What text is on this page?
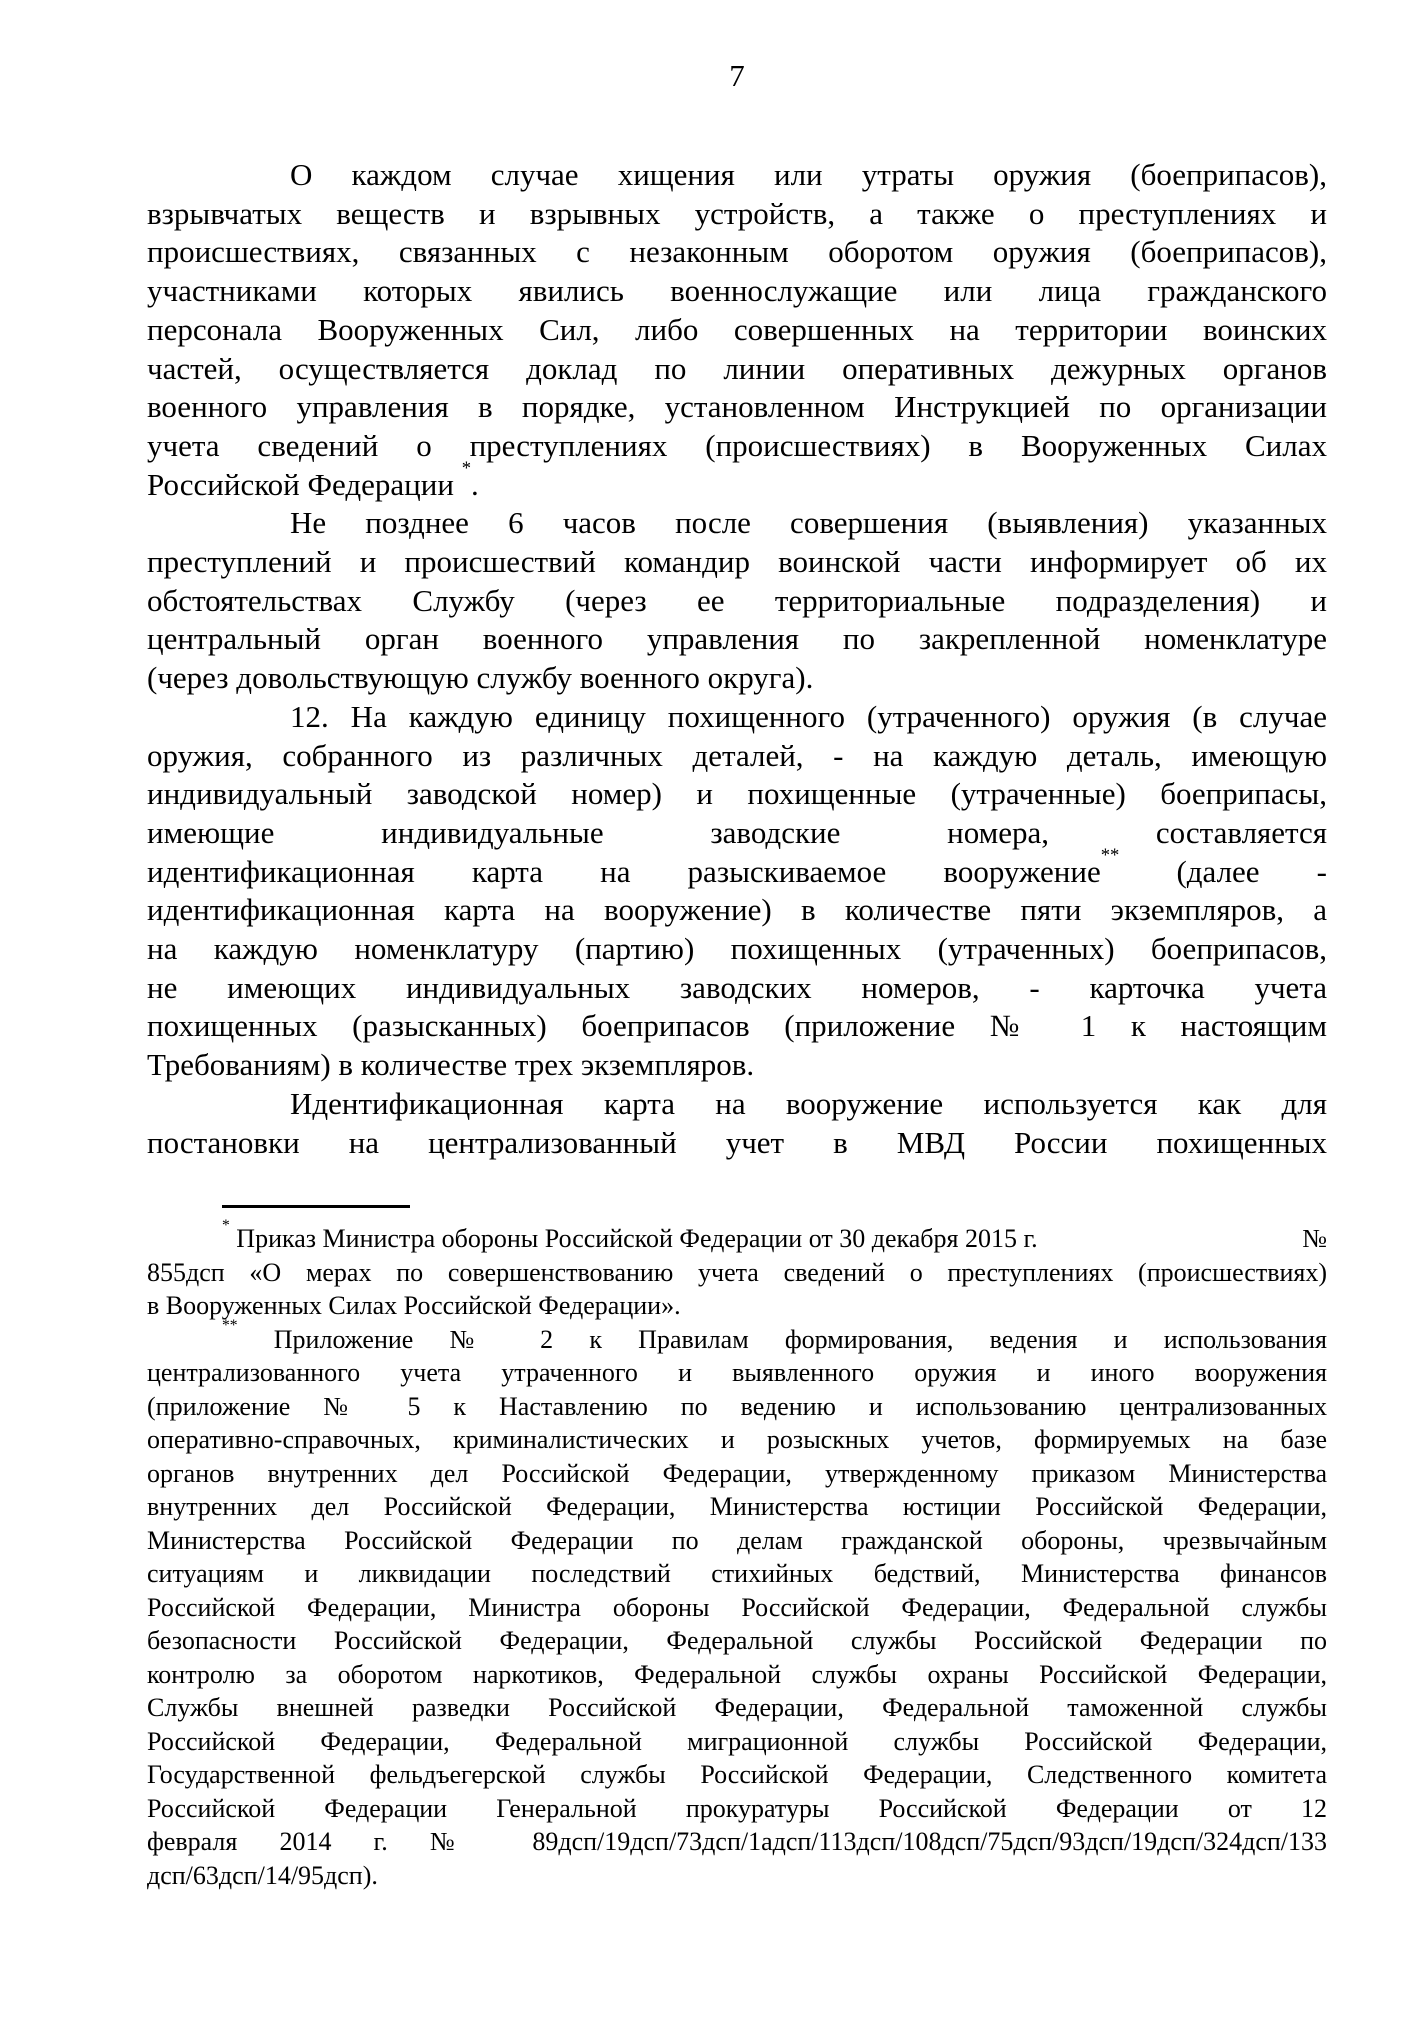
7
О каждом случае хищения или утраты оружия (боеприпасов),
взрывчатых веществ и взрывных устройств, а также о преступлениях и
происшествиях, связанных с незаконным оборотом оружия (боеприпасов),
участниками которых явились военнослужащие или лица гражданского
персонала Вооруженных Сил, либо совершенных на территории воинских
частей, осуществляется доклад по линии оперативных дежурных органов
военного управления в порядке, установленном Инструкцией по организации
учета сведений о преступлениях (происшествиях) в Вооруженных Силах
Российской Федерации *.
Не позднее 6 часов после совершения (выявления) указанных
преступлений и происшествий командир воинской части информирует об их
обстоятельствах Службу (через ее территориальные подразделения) и
центральный орган военного управления по закрепленной номенклатуре
(через довольствующую службу военного округа).
12. На каждую единицу похищенного (утраченного) оружия (в случае
оружия, собранного из различных деталей, - на каждую деталь, имеющую
индивидуальный заводской номер) и похищенные (утраченные) боеприпасы,
имеющие индивидуальные заводские номера, составляется
идентификационная карта на разыскиваемое вооружение** (далее -
идентификационная карта на вооружение) в количестве пяти экземпляров, а
на каждую номенклатуру (партию) похищенных (утраченных) боеприпасов,
не имеющих индивидуальных заводских номеров, - карточка учета
похищенных (разысканных) боеприпасов (приложение № 1 к настоящим
Требованиям) в количестве трех экземпляров.
Идентификационная карта на вооружение используется как для
постановки на централизованный учет в МВД России похищенных
* Приказ Министра обороны Российской Федерации от 30 декабря 2015 г.	№
855дсп «О мерах по совершенствованию учета сведений о преступлениях (происшествиях)
в Вооруженных Силах Российской Федерации».
** Приложение № 2 к Правилам формирования, ведения и использования
централизованного учета утраченного и выявленного оружия и иного вооружения
(приложение № 5 к Наставлению по ведению и использованию централизованных
оперативно-справочных, криминалистических и розыскных учетов, формируемых на базе
органов внутренних дел Российской Федерации, утвержденному приказом Министерства
внутренних дел Российской Федерации, Министерства юстиции Российской Федерации,
Министерства Российской Федерации по делам гражданской обороны, чрезвычайным
ситуациям и ликвидации последствий стихийных бедствий, Министерства финансов
Российской Федерации, Министра обороны Российской Федерации, Федеральной службы
безопасности Российской Федерации, Федеральной службы Российской Федерации по
контролю за оборотом наркотиков, Федеральной службы охраны Российской Федерации,
Службы внешней разведки Российской Федерации, Федеральной таможенной службы
Российской Федерации, Федеральной миграционной службы Российской Федерации,
Государственной фельдъегерской службы Российской Федерации, Следственного комитета
Российской Федерации Генеральной прокуратуры Российской Федерации от 12
февраля 2014 г. № 89дсп/19дсп/73дсп/1адсп/113дсп/108дсп/75дсп/93дсп/19дсп/324дсп/133
дсп/63дсп/14/95дсп).
